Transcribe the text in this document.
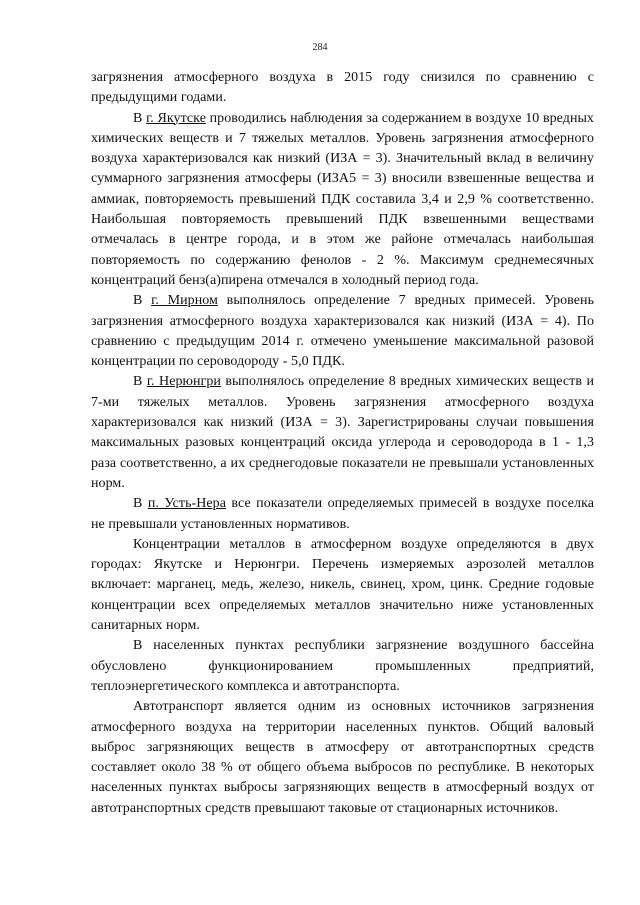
284

загрязнения атмосферного воздуха в 2015 году снизился по сравнению с предыдущими годами.

В г. Якутске проводились наблюдения за содержанием в воздухе 10 вредных химических веществ и 7 тяжелых металлов. Уровень загрязнения атмосферного воздуха характеризовался как низкий (ИЗА = 3). Значительный вклад в величину суммарного загрязнения атмосферы (ИЗА5 = 3) вносили взвешенные вещества и аммиак, повторяемость превышений ПДК составила 3,4 и 2,9 % соответственно. Наибольшая повторяемость превышений ПДК взвешенными веществами отмечалась в центре города, и в этом же районе отмечалась наибольшая повторяемость по содержанию фенолов - 2 %. Максимум среднемесячных концентраций бенз(а)пирена отмечался в холодный период года.

В г. Мирном выполнялось определение 7 вредных примесей. Уровень загрязнения атмосферного воздуха характеризовался как низкий (ИЗА = 4). По сравнению с предыдущим 2014 г. отмечено уменьшение максимальной разовой концентрации по сероводороду - 5,0 ПДК.

В г. Нерюнгри выполнялось определение 8 вредных химических веществ и 7-ми тяжелых металлов. Уровень загрязнения атмосферного воздуха характеризовался как низкий (ИЗА = 3). Зарегистрированы случаи повышения максимальных разовых концентраций оксида углерода и сероводорода в 1 - 1,3 раза соответственно, а их среднегодовые показатели не превышали установленных норм.

В п. Усть-Нера все показатели определяемых примесей в воздухе поселка не превышали установленных нормативов.

Концентрации металлов в атмосферном воздухе определяются в двух городах: Якутске и Нерюнгри. Перечень измеряемых аэрозолей металлов включает: марганец, медь, железо, никель, свинец, хром, цинк. Средние годовые концентрации всех определяемых металлов значительно ниже установленных санитарных норм.

В населенных пунктах республики загрязнение воздушного бассейна обусловлено функционированием промышленных предприятий, теплоэнергетического комплекса и автотранспорта.

Автотранспорт является одним из основных источников загрязнения атмосферного воздуха на территории населенных пунктов. Общий валовый выброс загрязняющих веществ в атмосферу от автотранспортных средств составляет около 38 % от общего объема выбросов по республике. В некоторых населенных пунктах выбросы загрязняющих веществ в атмосферный воздух от автотранспортных средств превышают таковые от стационарных источников.
